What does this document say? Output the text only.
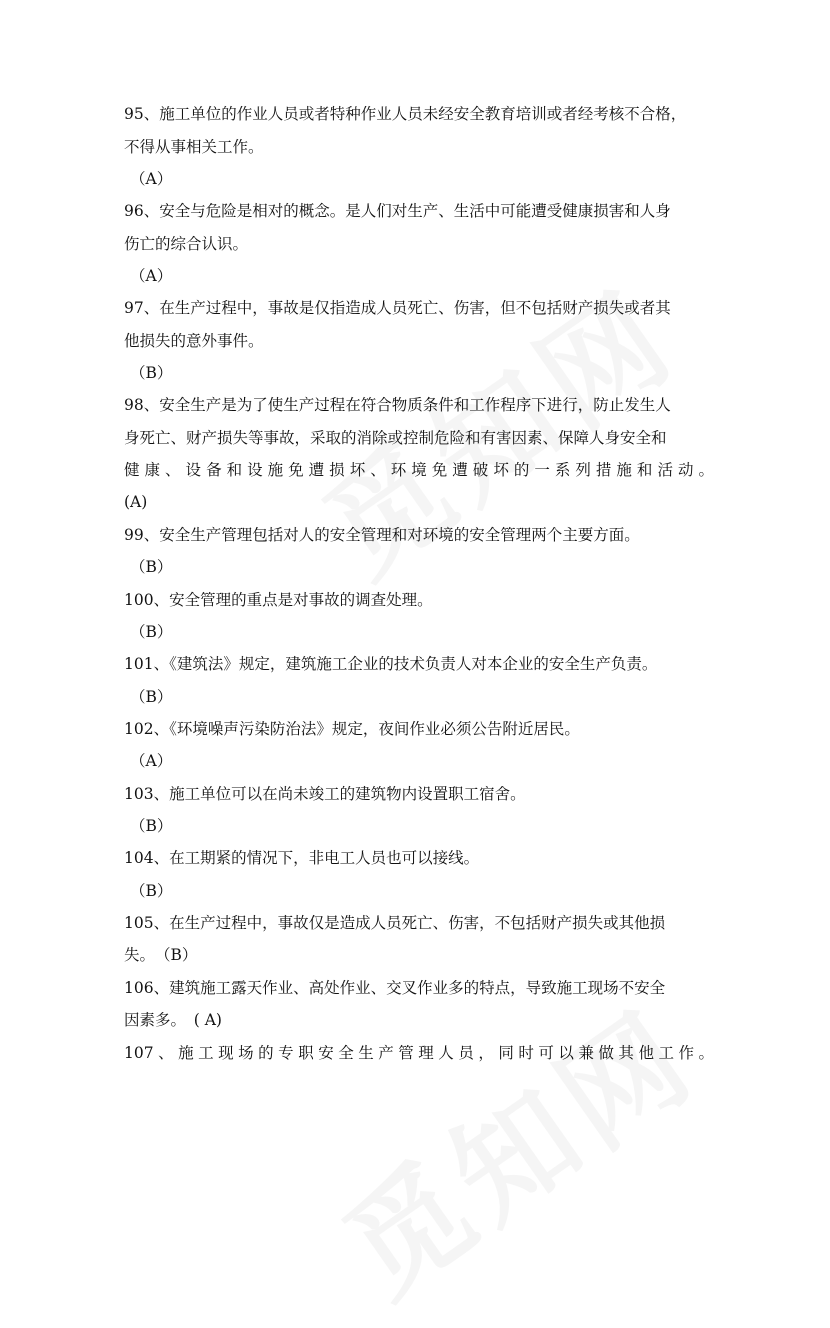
95、施工单位的作业人员或者特种作业人员未经安全教育培训或者经考核不合格，
不得从事相关工作。
（A）
96、安全与危险是相对的概念。是人们对生产、生活中可能遭受健康损害和人身
伤亡的综合认识。
（A）
97、在生产过程中，事故是仅指造成人员死亡、伤害，但不包括财产损失或者其
他损失的意外事件。
（B）
98、安全生产是为了使生产过程在符合物质条件和工作程序下进行，防止发生人
身死亡、财产损失等事故，采取的消除或控制危险和有害因素、保障人身安全和
健康、设备和设施免遭损坏、环境免遭破坏的一系列措施和活动。
(A)
99、安全生产管理包括对人的安全管理和对环境的安全管理两个主要方面。
（B）
100、安全管理的重点是对事故的调查处理。
（B）
101、《建筑法》规定，建筑施工企业的技术负责人对本企业的安全生产负责。
（B）
102、《环境噪声污染防治法》规定，夜间作业必须公告附近居民。
（A）
103、施工单位可以在尚未竣工的建筑物内设置职工宿舍。
（B）
104、在工期紧的情况下，非电工人员也可以接线。
（B）
105、在生产过程中，事故仅是造成人员死亡、伤害，不包括财产损失或其他损
失。　（B）
106、建筑施工露天作业、高处作业、交叉作业多的特点，导致施工现场不安全
因素多。　( A)
107、施工现场的专职安全生产管理人员，同时可以兼做其他工作。
